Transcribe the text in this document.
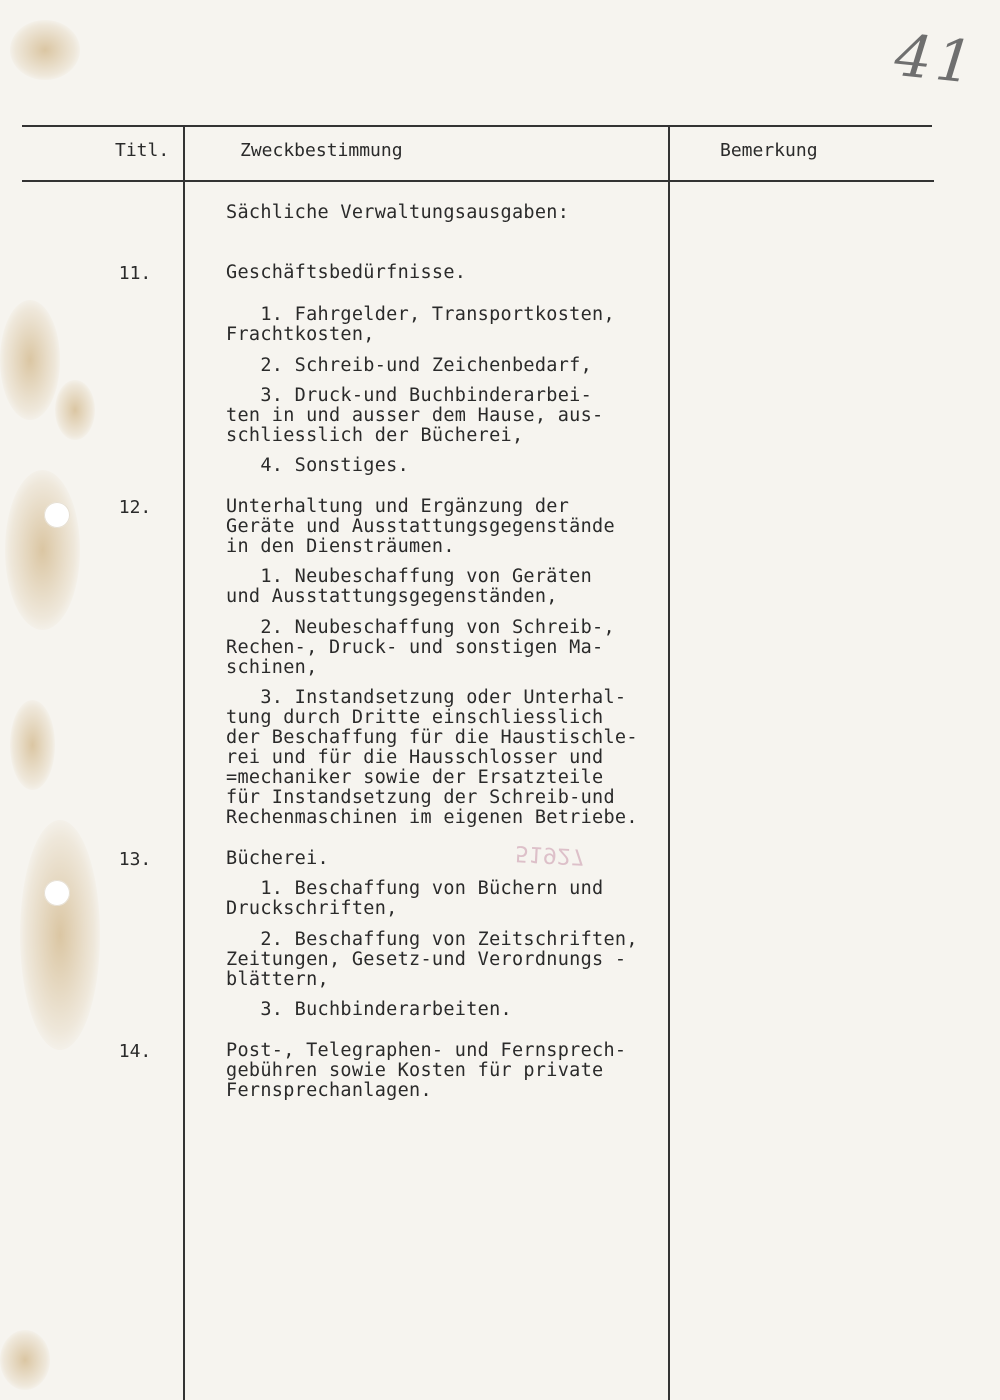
41
Titl.	Zweckbestimmung	Bemerkung
Sächliche Verwaltungsausgaben:
11.	Geschäftsbedürfnisse.
1. Fahrgelder, Transportkosten,
Frachtkosten,
2. Schreib-und Zeichenbedarf,
3. Druck-und Buchbinderarbei-
ten in und ausser dem Hause, aus-
schliesslich der Bücherei,
4. Sonstiges.
12.	Unterhaltung und Ergänzung der
Geräte und Ausstattungsgegenstände
in den Diensträumen.
1. Neubeschaffung von Geräten
und Ausstattungsgegenständen,
2. Neubeschaffung von Schreib-,
Rechen-, Druck- und sonstigen Ma-
schinen,
3. Instandsetzung oder Unterhal-
tung durch Dritte einschliesslich
der Beschaffung für die Haustischle-
rei und für die Hausschlosser und
=mechaniker sowie der Ersatzteile
für Instandsetzung der Schreib-und
Rechenmaschinen im eigenen Betriebe.
13.	Bücherei.
1. Beschaffung von Büchern und
Druckschriften,
2. Beschaffung von Zeitschriften,
Zeitungen, Gesetz-und Verordnungs -
blättern,
3. Buchbinderarbeiten.
14.	Post-, Telegraphen- und Fernsprech-
gebühren sowie Kosten für private
Fernsprechanlagen.
51927
